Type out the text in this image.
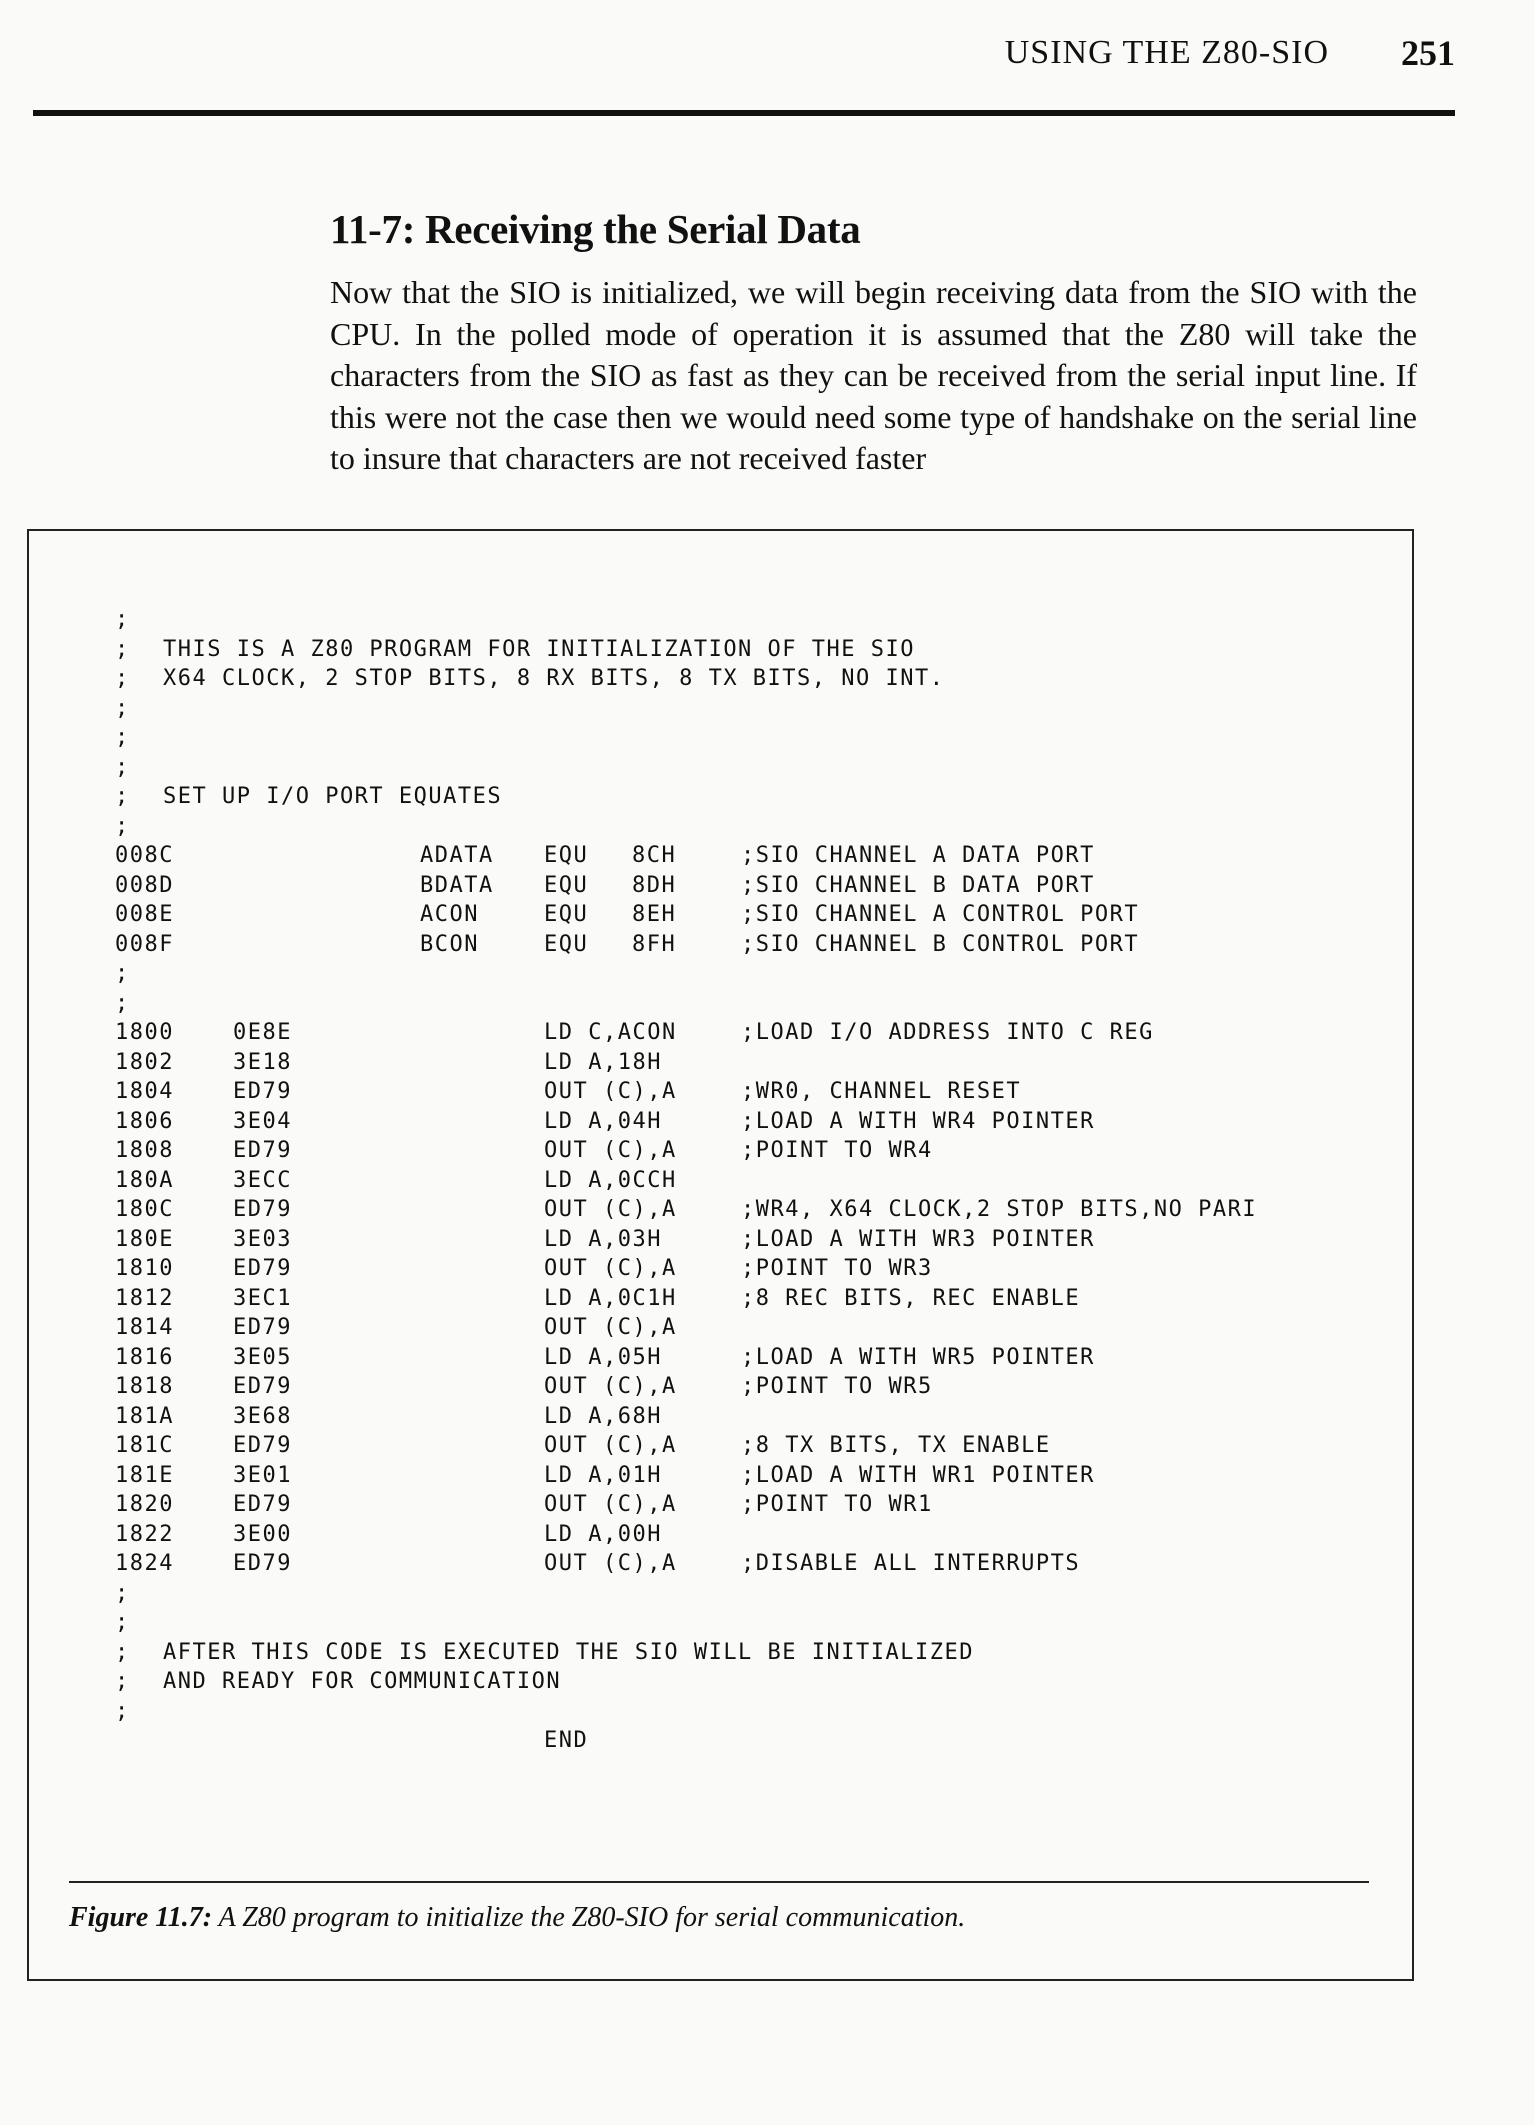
USING THE Z80-SIO 251
11-7: Receiving the Serial Data

Now that the SIO is initialized, we will begin receiving data from the SIO with the CPU. In the polled mode of operation it is assumed that the Z80 will take the characters from the SIO as fast as they can be received from the serial input line. If this were not the case then we would need some type of handshake on the serial line to insure that characters are not received faster

;
; THIS IS A Z80 PROGRAM FOR INITIALIZATION OF THE SIO
; X64 CLOCK, 2 STOP BITS, 8 RX BITS, 8 TX BITS, NO INT.
;
;
;
; SET UP I/O PORT EQUATES
;
008C	ADATA EQU 8CH	;SIO CHANNEL A DATA PORT
008D	BDATA EQU 8DH	;SIO CHANNEL B DATA PORT
008E	ACON	EQU 8EH	;SIO CHANNEL A CONTROL PORT
008F	BCON	EQU 8FH	;SIO CHANNEL B CONTROL PORT
;
;
1800	0E8E	LD C,ACON	;LOAD I/O ADDRESS INTO C REG
1802	3E18	LD A,18H
1804	ED79	OUT (C),A	;WR0, CHANNEL RESET
1806	3E04	LD A,04H	;LOAD A WITH WR4 POINTER
1808	ED79	OUT (C),A	;POINT TO WR4
180A	3ECC	LD A,0CCH
180C	ED79	OUT (C),A	;WR4, X64 CLOCK,2 STOP BITS,NO PARI
180E	3E03	LD A,03H	;LOAD A WITH WR3 POINTER
1810	ED79	OUT (C),A	;POINT TO WR3
1812	3EC1	LD A,0C1H	;8 REC BITS, REC ENABLE
1814	ED79	OUT (C),A
1816	3E05	LD A,05H	;LOAD A WITH WR5 POINTER
1818	ED79	OUT (C),A	;POINT TO WR5
181A	3E68	LD A,68H
181C	ED79	OUT (C),A	;8 TX BITS, TX ENABLE
181E	3E01	LD A,01H	;LOAD A WITH WR1 POINTER
1820	ED79	OUT (C),A	;POINT TO WR1
1822	3E00	LD A,00H
1824	ED79	OUT (C),A	;DISABLE ALL INTERRUPTS
;
;
; AFTER THIS CODE IS EXECUTED THE SIO WILL BE INITIALIZED
; AND READY FOR COMMUNICATION
;
END

Figure 11.7: A Z80 program to initialize the Z80-SIO for serial communication.
